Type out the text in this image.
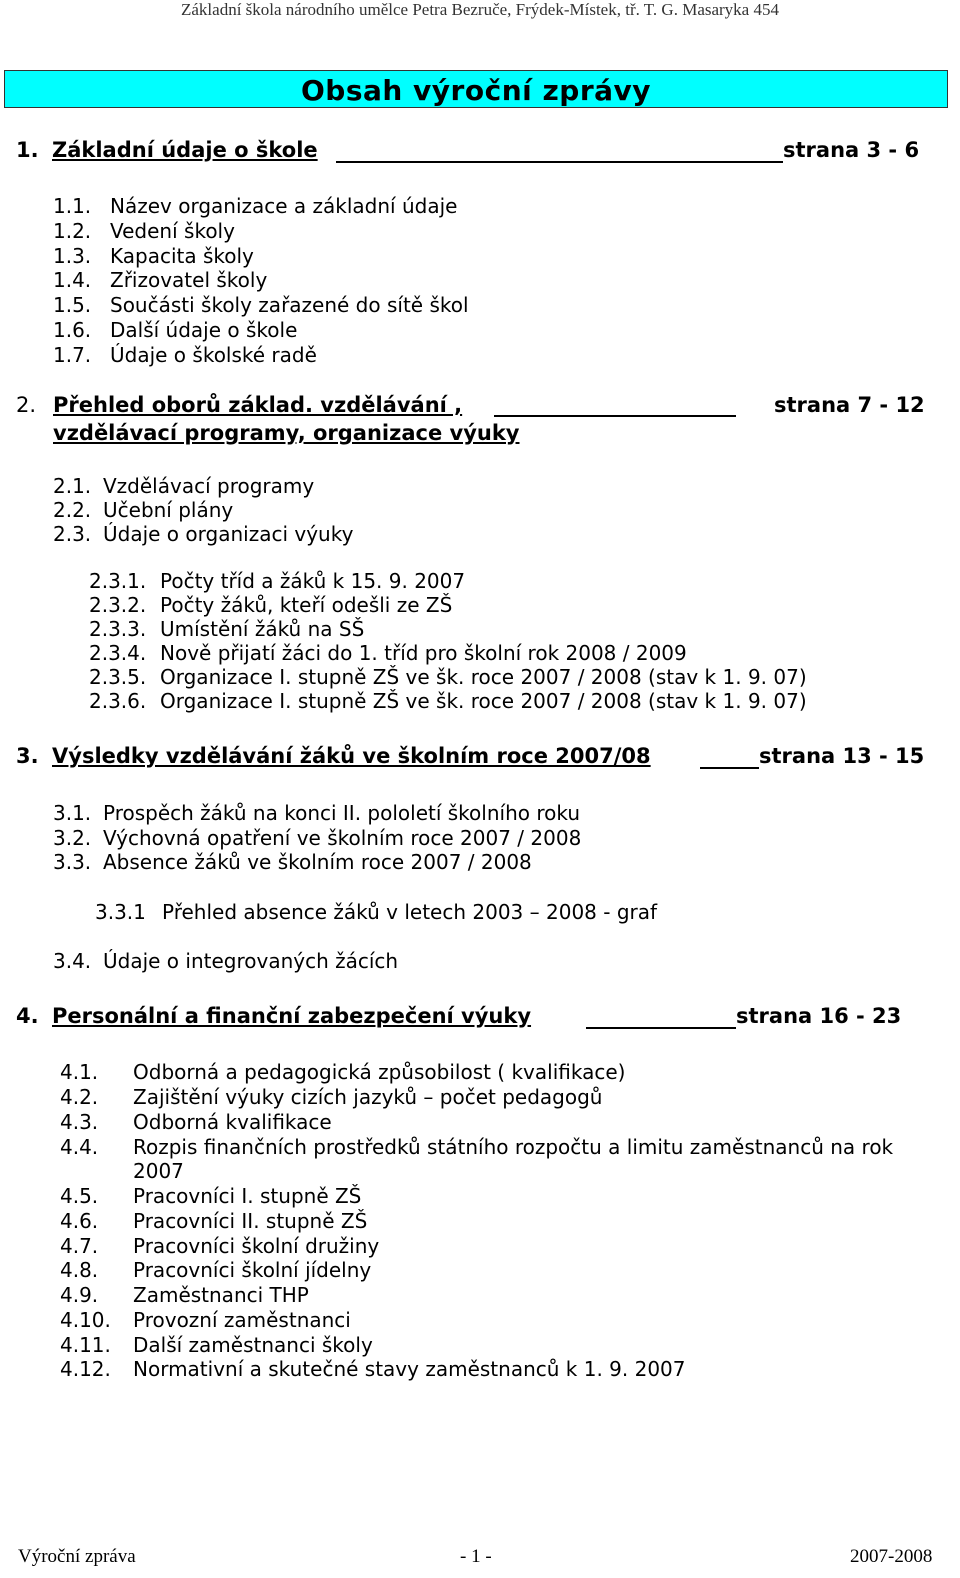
Základní škola národního umělce Petra Bezruče, Frýdek-Místek, tř. T. G. Masaryka 454
Obsah výroční zprávy
1. Základní údaje o škole	strana 3 - 6
1.1. Název organizace a základní údaje
1.2. Vedení školy
1.3. Kapacita školy
1.4. Zřizovatel školy
1.5. Součásti školy zařazené do sítě škol
1.6. Další údaje o škole
1.7. Údaje o školské radě
2. Přehled oborů základ. vzdělávání ,	strana 7 - 12
vzdělávací programy, organizace výuky
2.1. Vzdělávací programy
2.2. Učební plány
2.3. Údaje o organizaci výuky
2.3.1. Počty tříd a žáků k 15. 9. 2007
2.3.2. Počty žáků, kteří odešli ze ZŠ
2.3.3. Umístění žáků na SŠ
2.3.4. Nově přijatí žáci do 1. tříd pro školní rok 2008 / 2009
2.3.5. Organizace I. stupně ZŠ ve šk. roce 2007 / 2008 (stav k 1. 9. 07)
2.3.6. Organizace I. stupně ZŠ ve šk. roce 2007 / 2008 (stav k 1. 9. 07)
3. Výsledky vzdělávání žáků ve školním roce 2007/08	strana 13 - 15
3.1. Prospěch žáků na konci II. pololetí školního roku
3.2. Výchovná opatření ve školním roce 2007 / 2008
3.3. Absence žáků ve školním roce 2007 / 2008
3.3.1 Přehled absence žáků v letech 2003 – 2008 - graf
3.4. Údaje o integrovaných žácích
4. Personální a finanční zabezpečení výuky	strana 16 - 23
4.1. Odborná a pedagogická způsobilost ( kvalifikace)
4.2. Zajištění výuky cizích jazyků – počet pedagogů
4.3. Odborná kvalifikace
4.4. Rozpis finančních prostředků státního rozpočtu a limitu zaměstnanců na rok
2007
4.5. Pracovníci I. stupně ZŠ
4.6. Pracovníci II. stupně ZŠ
4.7. Pracovníci školní družiny
4.8. Pracovníci školní jídelny
4.9. Zaměstnanci THP
4.10. Provozní zaměstnanci
4.11. Další zaměstnanci školy
4.12. Normativní a skutečné stavy zaměstnanců k 1. 9. 2007
Výroční zpráva	- 1 -	2007-2008
